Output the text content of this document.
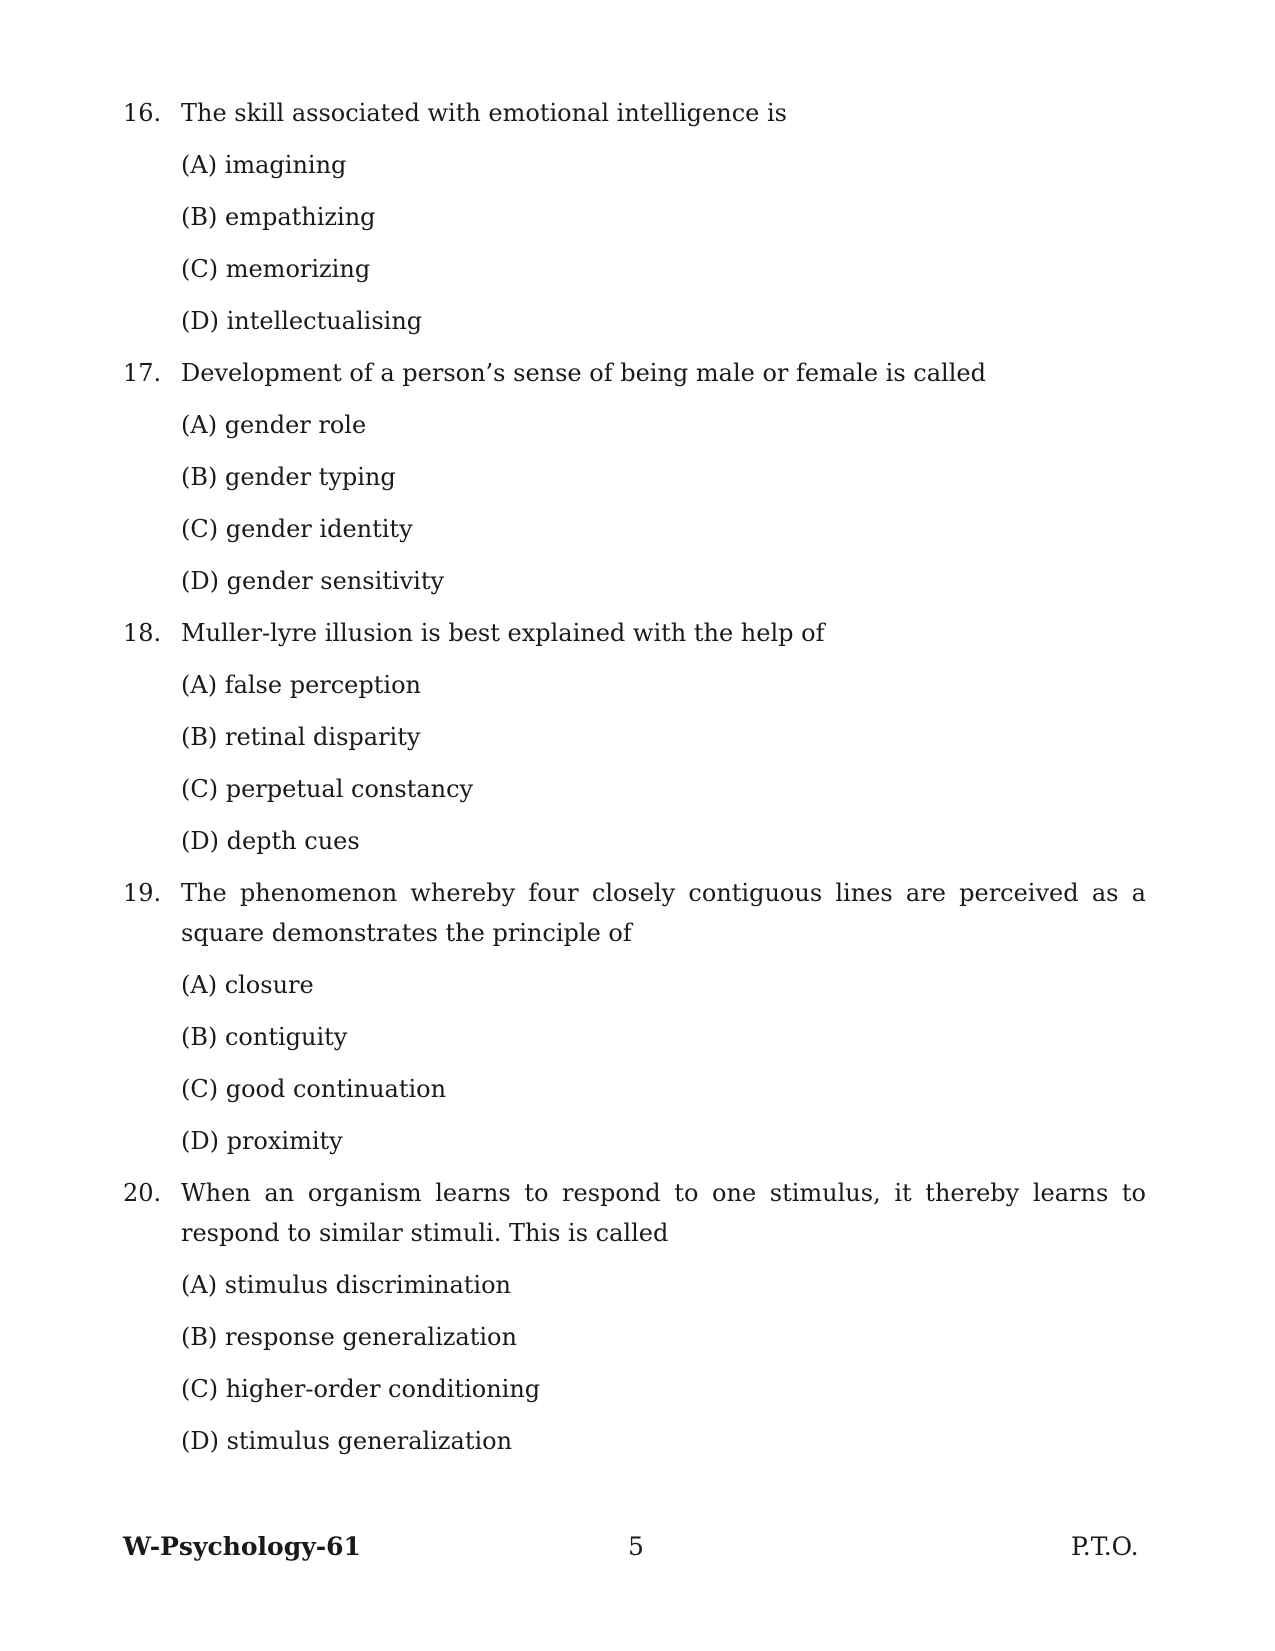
16. The skill associated with emotional intelligence is
(A) imagining
(B) empathizing
(C) memorizing
(D) intellectualising
17. Development of a person’s sense of being male or female is called
(A) gender role
(B) gender typing
(C) gender identity
(D) gender sensitivity
18. Muller-lyre illusion is best explained with the help of
(A) false perception
(B) retinal disparity
(C) perpetual constancy
(D) depth cues
19. The phenomenon whereby four closely contiguous lines are perceived as a square demonstrates the principle of
(A) closure
(B) contiguity
(C) good continuation
(D) proximity
20. When an organism learns to respond to one stimulus, it thereby learns to respond to similar stimuli. This is called
(A) stimulus discrimination
(B) response generalization
(C) higher-order conditioning
(D) stimulus generalization
W-Psychology-61	5	P.T.O.
